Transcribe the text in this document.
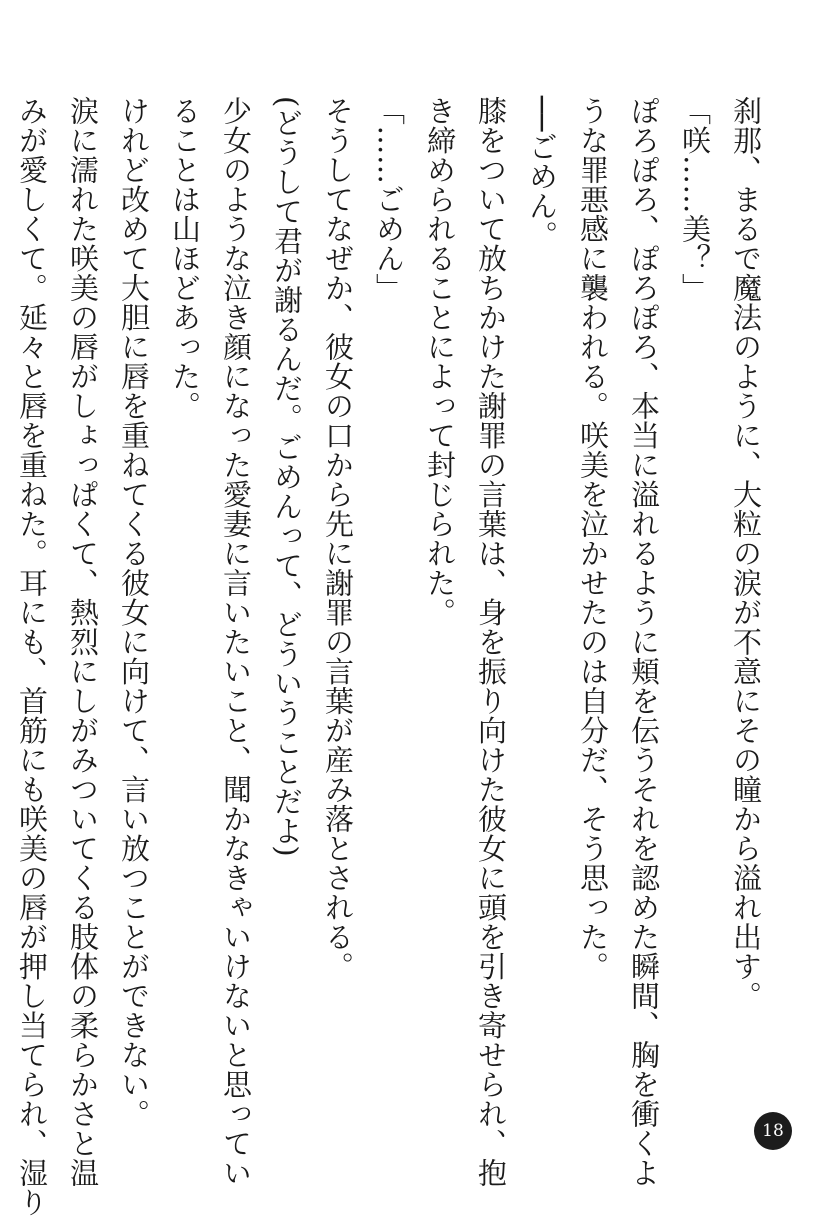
刹那、まるで魔法のように、大粒の涙が不意にその瞳から溢れ出す。

「咲……美？」

ぽろぽろ、ぽろぽろ、本当に溢れるように頬を伝うそれを認めた瞬間、胸を衝くよ

うな罪悪感に襲われる。咲美を泣かせたのは自分だ、そう思った。

──ごめん。

膝をついて放ちかけた謝罪の言葉は、身を振り向けた彼女に頭を引き寄せられ、抱

き締められることによって封じられた。

「……ごめん」

そうしてなぜか、彼女の口から先に謝罪の言葉が産み落とされる。

(どうして君が謝るんだ。ごめんって、どういうことだよ)

少女のような泣き顔になった愛妻に言いたいこと、聞かなきゃいけないと思ってい

ることは山ほどあった。

けれど改めて大胆に唇を重ねてくる彼女に向けて、言い放つことができない。

涙に濡れた咲美の唇がしょっぱくて、熱烈にしがみついてくる肢体の柔らかさと温

みが愛しくて。延々と唇を重ねた。耳にも、首筋にも咲美の唇が押し当てられ、湿り	18
